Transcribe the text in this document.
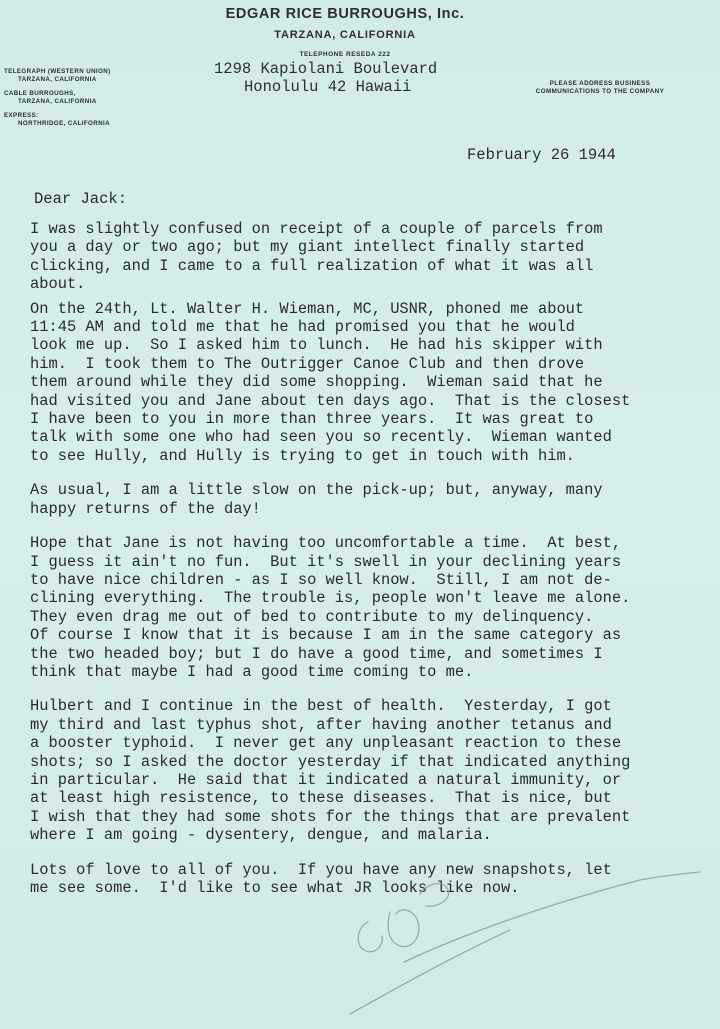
EDGAR RICE BURROUGHS, Inc.
TARZANA, CALIFORNIA
TELEPHONE RESEDA 222
1298 Kapiolani Boulevard
Honolulu 42 Hawaii
TELEGRAPH (WESTERN UNION)
TARZANA, CALIFORNIA
CABLE BURROUGHS,
TARZANA, CALIFORNIA
EXPRESS:
NORTHRIDGE, CALIFORNIA
PLEASE ADDRESS BUSINESS
COMMUNICATIONS TO THE COMPANY
February 26 1944
Dear Jack:

I was slightly confused on receipt of a couple of parcels from
you a day or two ago; but my giant intellect finally started
clicking, and I came to a full realization of what it was all
about.

On the 24th, Lt. Walter H. Wieman, MC, USNR, phoned me about
11:45 AM and told me that he had promised you that he would
look me up.  So I asked him to lunch.  He had his skipper with
him.  I took them to The Outrigger Canoe Club and then drove
them around while they did some shopping.  Wieman said that he
had visited you and Jane about ten days ago.  That is the closest
I have been to you in more than three years.  It was great to
talk with some one who had seen you so recently.  Wieman wanted
to see Hully, and Hully is trying to get in touch with him.

As usual, I am a little slow on the pick-up; but, anyway, many
happy returns of the day!

Hope that Jane is not having too uncomfortable a time.  At best,
I guess it ain't no fun.  But it's swell in your declining years
to have nice children - as I so well know.  Still, I am not de-
clining everything.  The trouble is, people won't leave me alone.
They even drag me out of bed to contribute to my delinquency.
Of course I know that it is because I am in the same category as
the two headed boy; but I do have a good time, and sometimes I
think that maybe I had a good time coming to me.

Hulbert and I continue in the best of health.  Yesterday, I got
my third and last typhus shot, after having another tetanus and
a booster typhoid.  I never get any unpleasant reaction to these
shots; so I asked the doctor yesterday if that indicated anything
in particular.  He said that it indicated a natural immunity, or
at least high resistence, to these diseases.  That is nice, but
I wish that they had some shots for the things that are prevalent
where I am going - dysentery, dengue, and malaria.

Lots of love to all of you.  If you have any new snapshots, let
me see some.  I'd like to see what JR looks like now.
